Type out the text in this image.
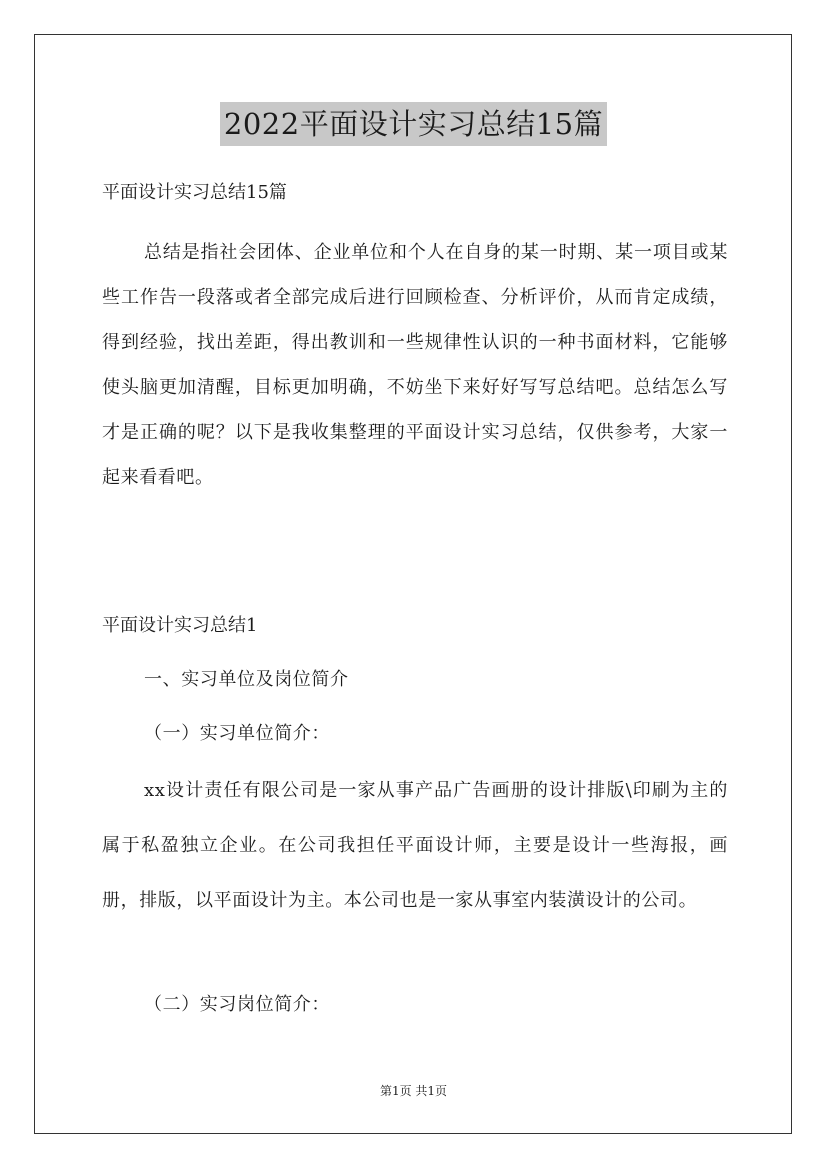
2022平面设计实习总结15篇

平面设计实习总结15篇

总结是指社会团体、企业单位和个人在自身的某一时期、某一项目或某些工作告一段落或者全部完成后进行回顾检查、分析评价，从而肯定成绩，得到经验，找出差距，得出教训和一些规律性认识的一种书面材料，它能够使头脑更加清醒，目标更加明确，不妨坐下来好好写写总结吧。总结怎么写才是正确的呢？以下是我收集整理的平面设计实习总结，仅供参考，大家一起来看看吧。

平面设计实习总结1

一、实习单位及岗位简介

（一）实习单位简介：

xx设计责任有限公司是一家从事产品广告画册的设计排版\印刷为主的属于私盈独立企业。在公司我担任平面设计师，主要是设计一些海报，画册，排版，以平面设计为主。本公司也是一家从事室内装潢设计的公司。

（二）实习岗位简介：

第1页 共1页
